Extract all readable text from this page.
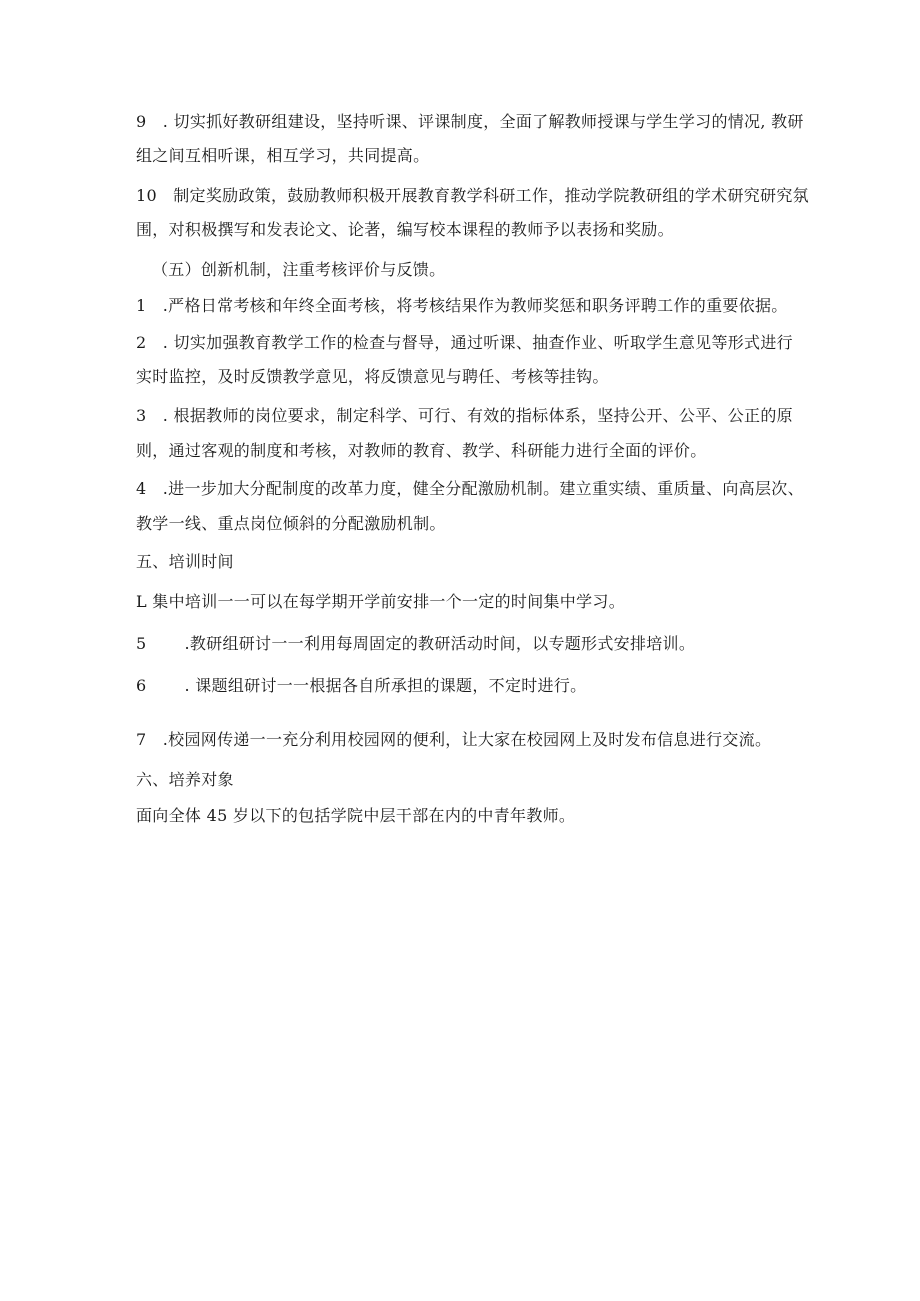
9　. 切实抓好教研组建设，坚持听课、评课制度，全面了解教师授课与学生学习的情况, 教研
组之间互相听课，相互学习，共同提高。
10　制定奖励政策，鼓励教师积极开展教育教学科研工作，推动学院教研组的学术研究研究氛
围，对积极撰写和发表论文、论著，编写校本课程的教师予以表扬和奖励。
（五）创新机制，注重考核评价与反馈。
1　.严格日常考核和年终全面考核，将考核结果作为教师奖惩和职务评聘工作的重要依据。
2　. 切实加强教育教学工作的检查与督导，通过听课、抽查作业、听取学生意见等形式进行
实时监控，及时反馈教学意见，将反馈意见与聘任、考核等挂钩。
3　. 根据教师的岗位要求，制定科学、可行、有效的指标体系，坚持公开、公平、公正的原
则，通过客观的制度和考核，对教师的教育、教学、科研能力进行全面的评价。
4　.进一步加大分配制度的改革力度，健全分配激励机制。建立重实绩、重质量、向高层次、
教学一线、重点岗位倾斜的分配激励机制。
五、培训时间
L 集中培训一一可以在每学期开学前安排一个一定的时间集中学习。
5　　 .教研组研讨一一利用每周固定的教研活动时间，以专题形式安排培训。
6　　 . 课题组研讨一一根据各自所承担的课题，不定时进行。
7　.校园网传递一一充分利用校园网的便利，让大家在校园网上及时发布信息进行交流。
六、培养对象
面向全体 45 岁以下的包括学院中层干部在内的中青年教师。
